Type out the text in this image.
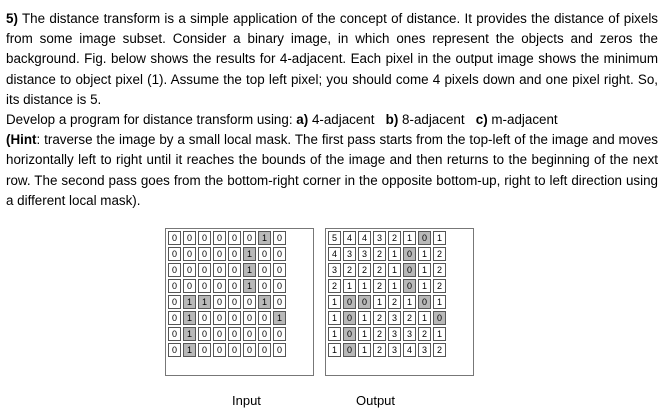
5) The distance transform is a simple application of the concept of distance. It provides the distance of pixels from some image subset. Consider a binary image, in which ones represent the objects and zeros the background. Fig. below shows the results for 4-adjacent. Each pixel in the output image shows the minimum distance to object pixel (1). Assume the top left pixel; you should come 4 pixels down and one pixel right. So, its distance is 5.

Develop a program for distance transform using: a) 4-adjacent b) 8-adjacent c) m-adjacent

(Hint: traverse the image by a small local mask. The first pass starts from the top-left of the image and moves horizontally left to right until it reaches the bounds of the image and then returns to the beginning of the next row. The second pass goes from the bottom-right corner in the opposite bottom-up, right to left direction using a different local mask).

0	0	0	0	0	0	1	0
0	0	0	0	0	1	0	0
0	0	0	0	0	1	0	0
0	0	0	0	0	1	0	0
0	1	1	0	0	0	1	0
0	1	0	0	0	0	0	1
0	1	0	0	0	0	0	0
0	1	0	0	0	0	0	0
5	4	4	3	2	1	0	1
4	3	3	2	1	0	1	2
3	2	2	2	1	0	1	2
2	1	1	2	1	0	1	2
1	0	0	1	2	1	0	1
1	0	1	2	3	2	1	0
1	0	1	2	3	3	2	1
1	0	1	2	3	4	3	2
Input	Output
